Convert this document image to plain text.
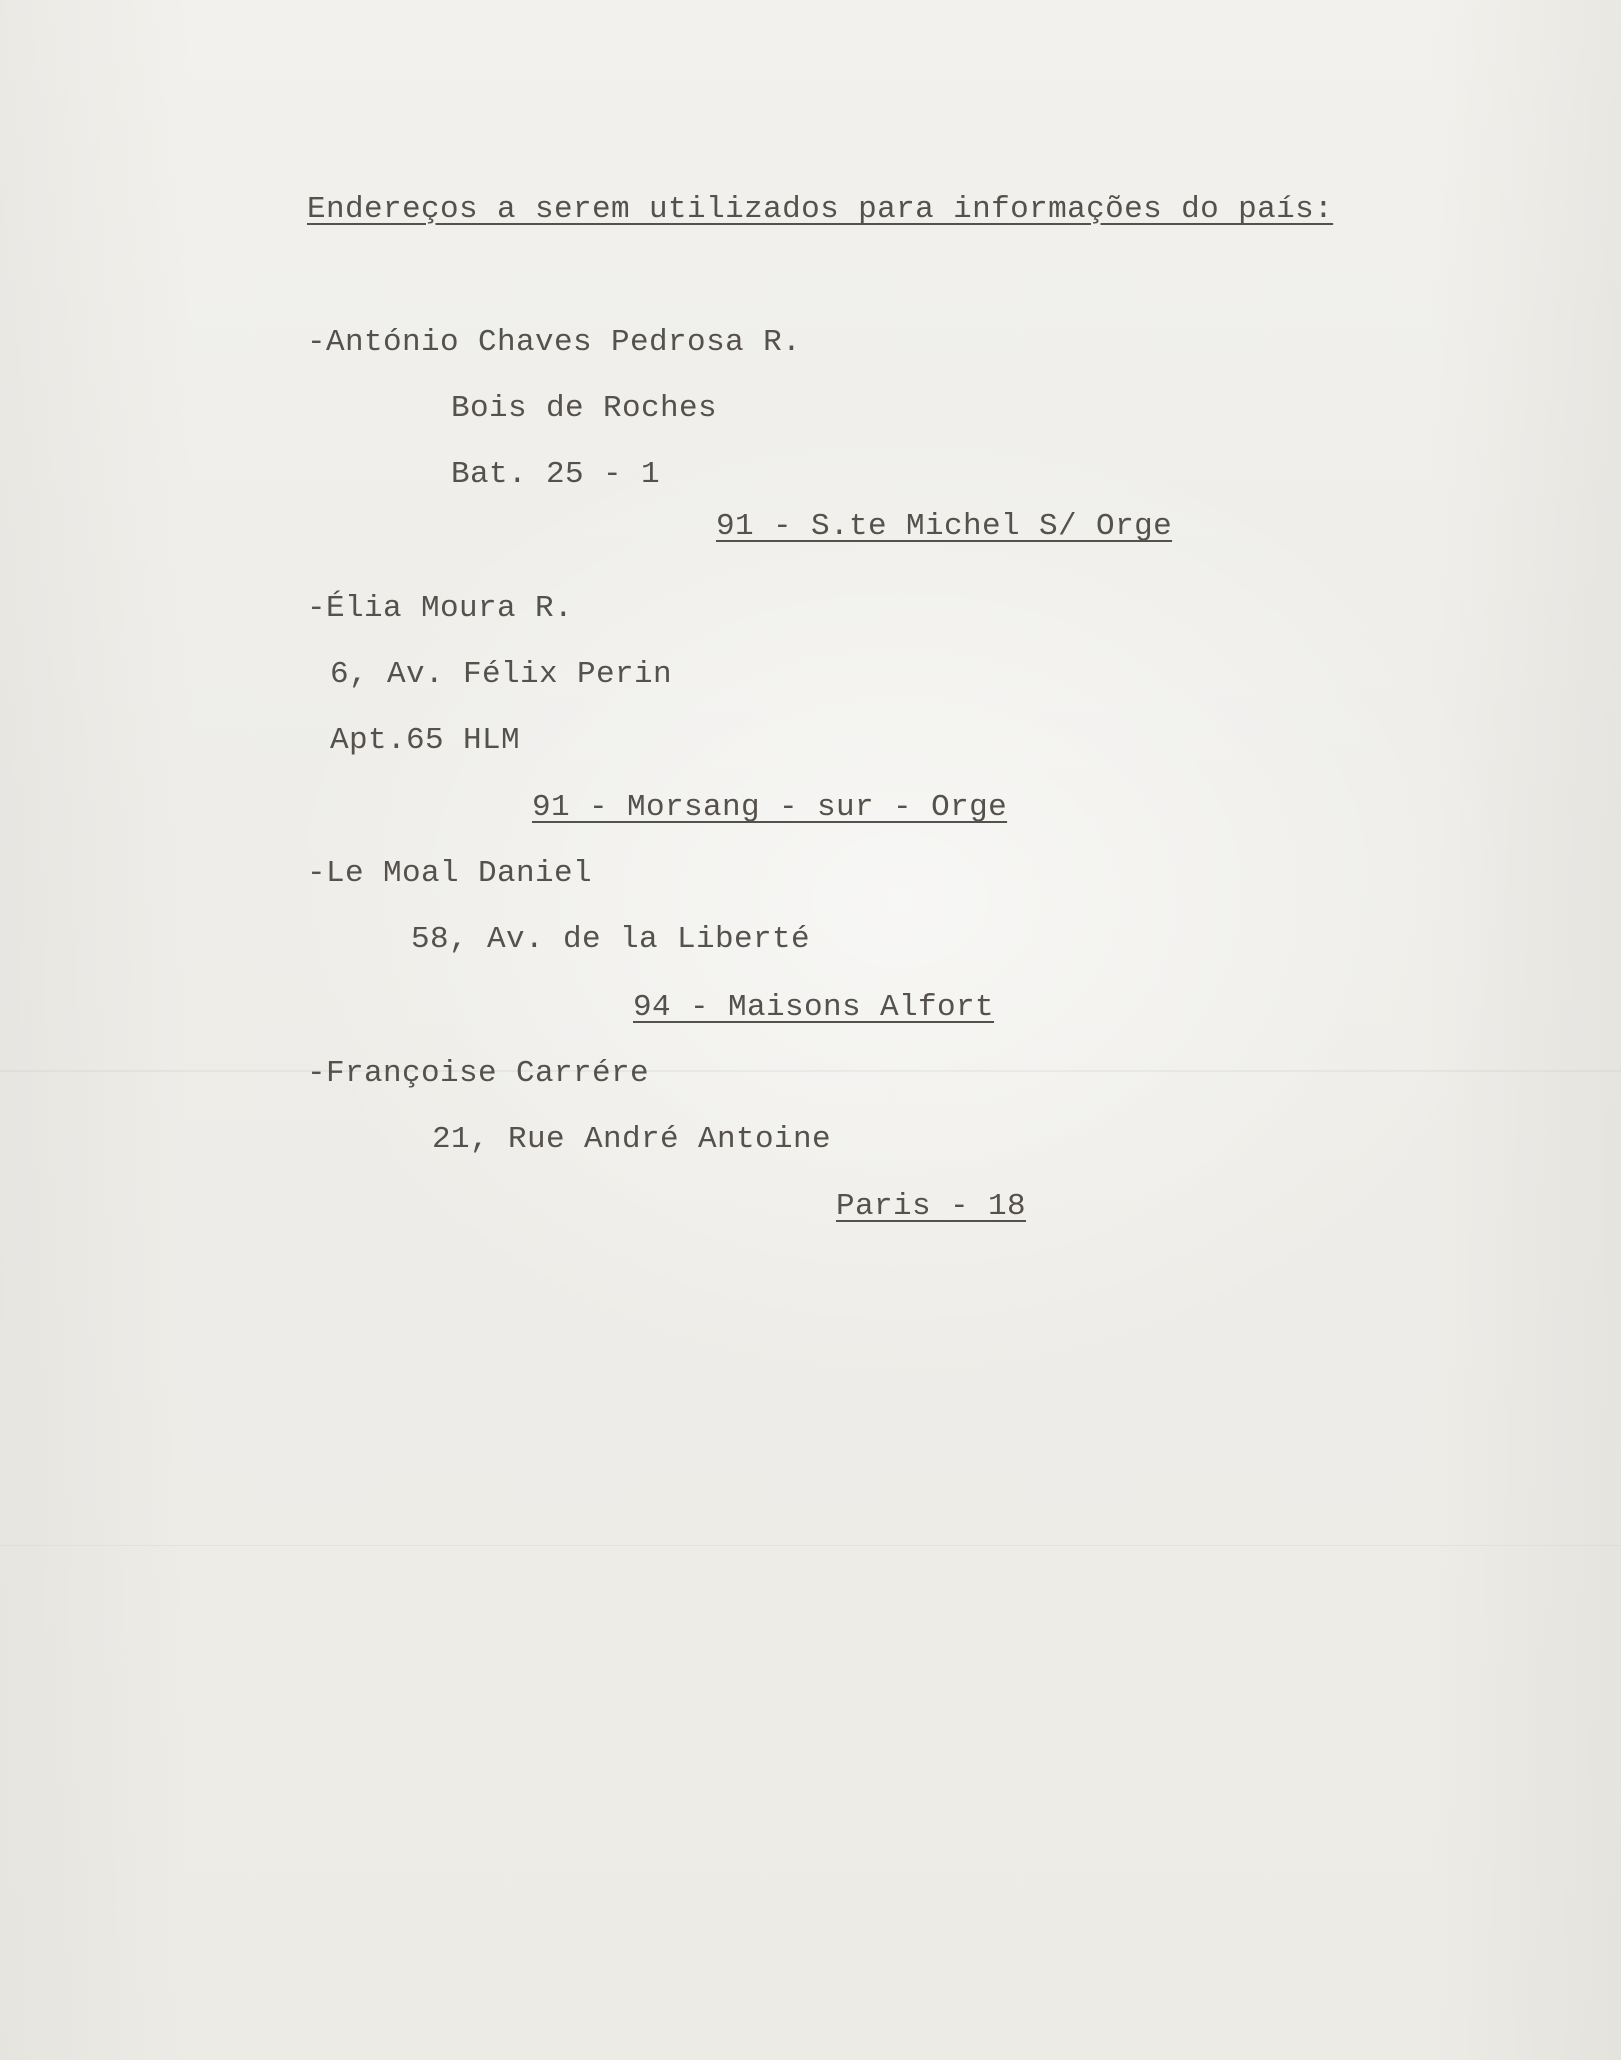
Endereços a serem utilizados para informações do país:

-António Chaves Pedrosa R.

Bois de Roches

Bat. 25 - 1

91 - S.te Michel S/ Orge

-Élia Moura R.

6, Av. Félix Perin

Apt.65 HLM

91 - Morsang - sur - Orge

-Le Moal Daniel

58, Av. de la Liberté

94 - Maisons Alfort

-Françoise Carrére

21, Rue André Antoine

Paris - 18
